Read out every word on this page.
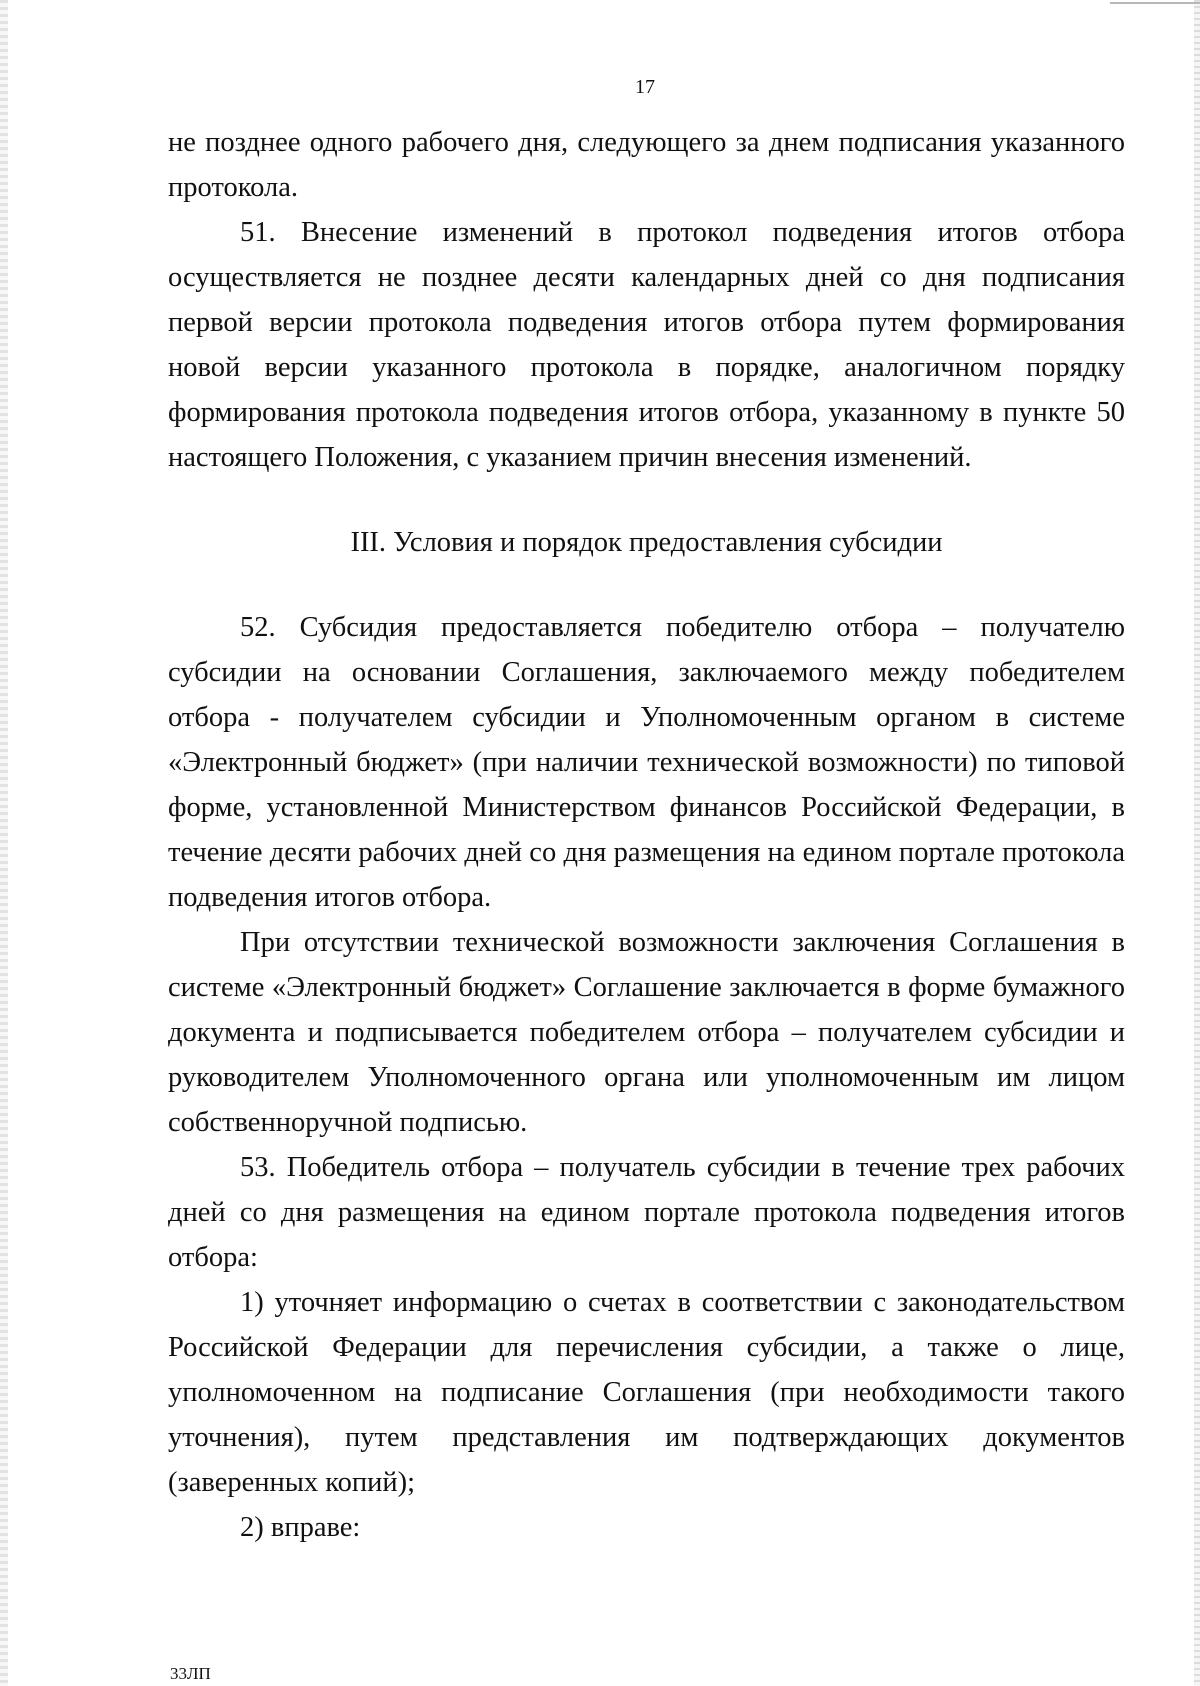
17

не позднее одного рабочего дня, следующего за днем подписания указанного протокола.

51. Внесение изменений в протокол подведения итогов отбора осуществляется не позднее десяти календарных дней со дня подписания первой версии протокола подведения итогов отбора путем формирования новой версии указанного протокола в порядке, аналогичном порядку формирования протокола подведения итогов отбора, указанному в пункте 50 настоящего Положения, с указанием причин внесения изменений.

III. Условия и порядок предоставления субсидии

52. Субсидия предоставляется победителю отбора – получателю субсидии на основании Соглашения, заключаемого между победителем отбора - получателем субсидии и Уполномоченным органом в системе «Электронный бюджет» (при наличии технической возможности) по типовой форме, установленной Министерством финансов Российской Федерации, в течение десяти рабочих дней со дня размещения на едином портале протокола подведения итогов отбора.

При отсутствии технической возможности заключения Соглашения в системе «Электронный бюджет» Соглашение заключается в форме бумажного документа и подписывается победителем отбора – получателем субсидии и руководителем Уполномоченного органа или уполномоченным им лицом собственноручной подписью.

53. Победитель отбора – получатель субсидии в течение трех рабочих дней со дня размещения на едином портале протокола подведения итогов отбора:

1) уточняет информацию о счетах в соответствии с законодательством Российской Федерации для перечисления субсидии, а также о лице, уполномоченном на подписание Соглашения (при необходимости такого уточнения), путем представления им подтверждающих документов (заверенных копий);

2) вправе:

33ЛП
